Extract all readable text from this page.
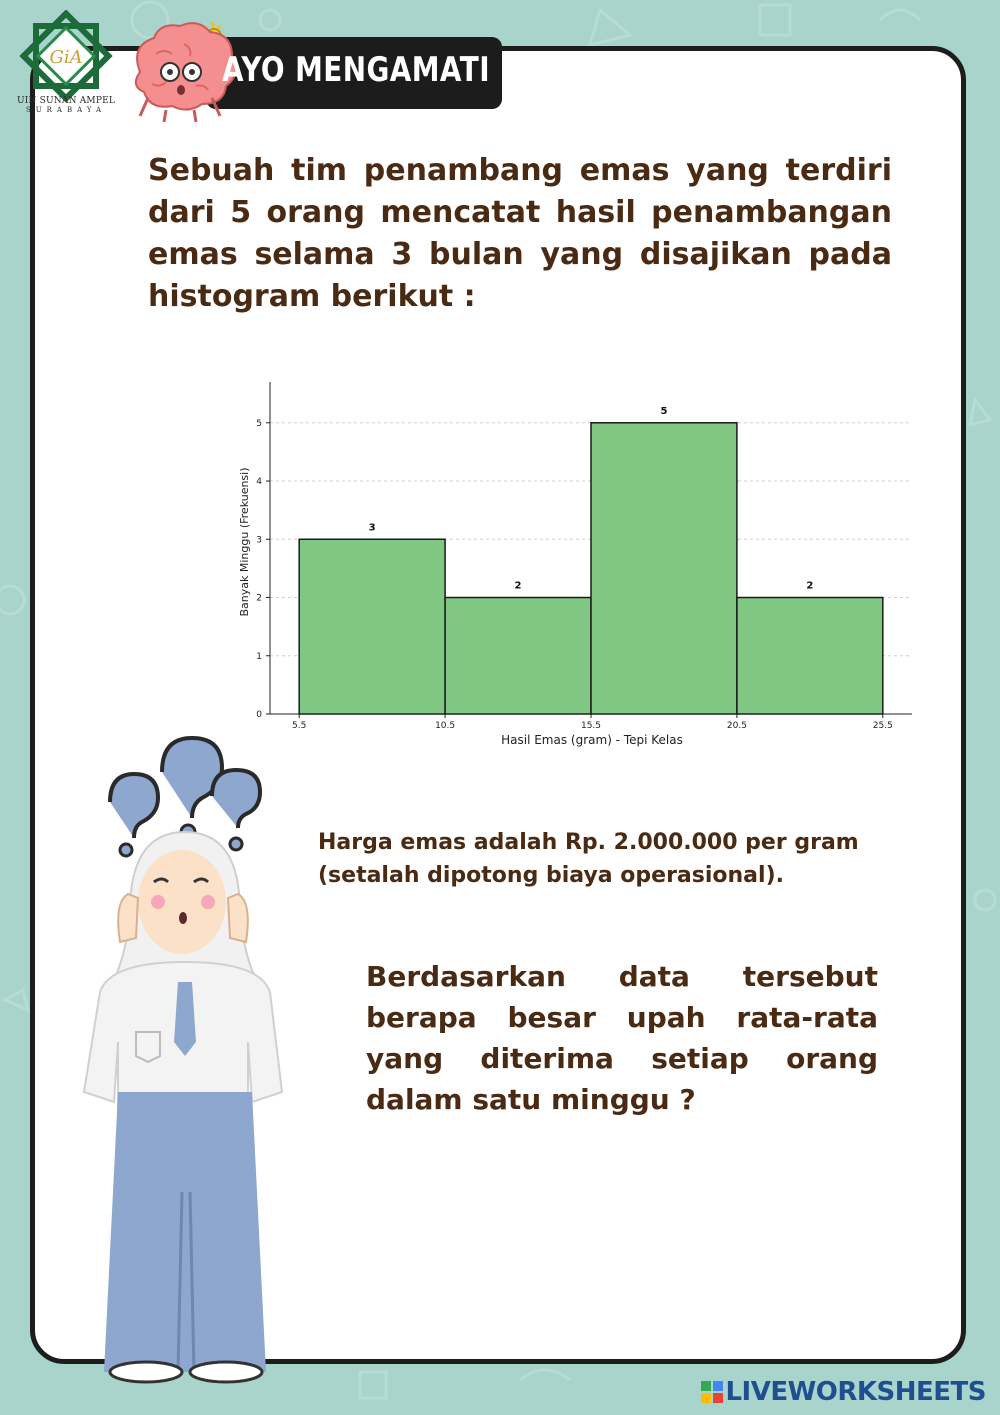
GiA
UIN SUNAN AMPEL
SURABAYA
AYO MENGAMATI !
Sebuah tim penambang emas yang terdiri dari 5 orang mencatat hasil penambangan emas selama 3 bulan yang disajikan pada histogram berikut :
3
2
5
2
0
1
2
3
4
5
5.5	10.5	15.5	20.5	25.5
Hasil Emas (gram) - Tepi Kelas
Banyak Minggu (Frekuensi)
Harga emas adalah Rp. 2.000.000 per gram (setalah dipotong biaya operasional).
Berdasarkan data tersebut berapa besar upah rata-rata yang diterima setiap orang dalam satu minggu ?
LIVEWORKSHEETS
